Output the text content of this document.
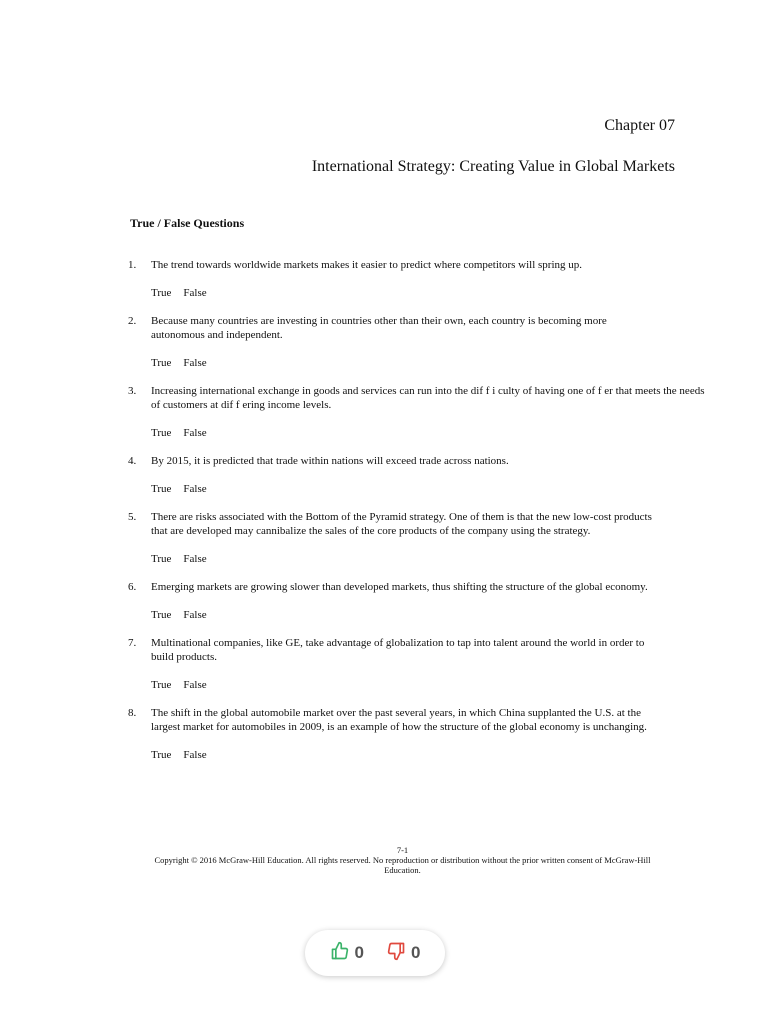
Chapter 07
International Strategy: Creating Value in Global Markets
True / False Questions
1. The trend towards worldwide markets makes it easier to predict where competitors will spring up.
True False
2. Because many countries are investing in countries other than their own, each country is becoming more autonomous and independent.
True False
3. Increasing international exchange in goods and services can run into the dif f i culty of having one of f er that meets the needs of customers at dif f ering income levels.
True False
4. By 2015, it is predicted that trade within nations will exceed trade across nations.
True False
5. There are risks associated with the Bottom of the Pyramid strategy. One of them is that the new low-cost products that are developed may cannibalize the sales of the core products of the company using the strategy.
True False
6. Emerging markets are growing slower than developed markets, thus shifting the structure of the global economy.
True False
7. Multinational companies, like GE, take advantage of globalization to tap into talent around the world in order to build products.
True False
8. The shift in the global automobile market over the past several years, in which China supplanted the U.S. at the largest market for automobiles in 2009, is an example of how the structure of the global economy is unchanging.
True False
7-1
Copyright © 2016 McGraw-Hill Education. All rights reserved. No reproduction or distribution without the prior written consent of McGraw-Hill Education.
0	0
